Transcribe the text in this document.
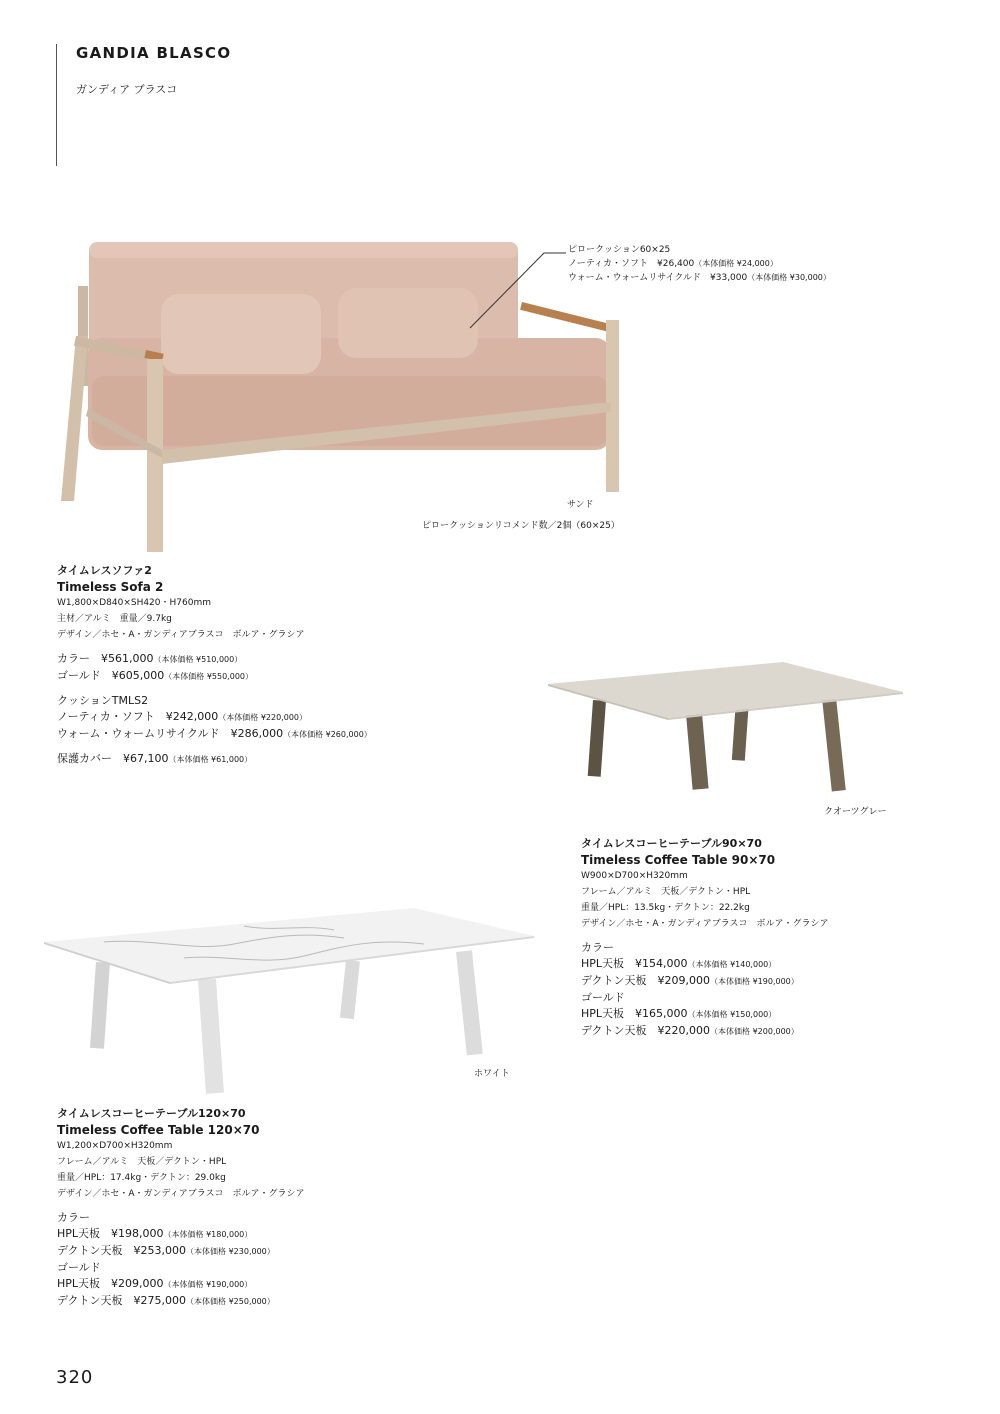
GANDIA BLASCO
ガンディア ブラスコ
ピロークッション60×25
ノーティカ・ソフト　¥26,400（本体価格 ¥24,000）
ウォーム・ウォームリサイクルド　¥33,000（本体価格 ¥30,000）
サンド
ピロークッションリコメンド数／2個（60×25）
タイムレスソファ2
Timeless Sofa 2
W1,800×D840×SH420・H760mm
主材／アルミ　重量／9.7kg
デザイン／ホセ・A・ガンディアブラスコ　ボルア・グラシア
カラー　¥561,000（本体価格 ¥510,000）
ゴールド　¥605,000（本体価格 ¥550,000）
クッションTMLS2
ノーティカ・ソフト　¥242,000（本体価格 ¥220,000）
ウォーム・ウォームリサイクルド　¥286,000（本体価格 ¥260,000）
保護カバー　¥67,100（本体価格 ¥61,000）
クオーツグレー
タイムレスコーヒーテーブル90×70
Timeless Coffee Table 90×70
W900×D700×H320mm
フレーム／アルミ　天板／デクトン・HPL
重量／HPL：13.5kg・デクトン：22.2kg
デザイン／ホセ・A・ガンディアブラスコ　ボルア・グラシア
カラー
HPL天板　¥154,000（本体価格 ¥140,000）
デクトン天板　¥209,000（本体価格 ¥190,000）
ゴールド
HPL天板　¥165,000（本体価格 ¥150,000）
デクトン天板　¥220,000（本体価格 ¥200,000）
ホワイト
タイムレスコーヒーテーブル120×70
Timeless Coffee Table 120×70
W1,200×D700×H320mm
フレーム／アルミ　天板／デクトン・HPL
重量／HPL：17.4kg・デクトン：29.0kg
デザイン／ホセ・A・ガンディアブラスコ　ボルア・グラシア
カラー
HPL天板　¥198,000（本体価格 ¥180,000）
デクトン天板　¥253,000（本体価格 ¥230,000）
ゴールド
HPL天板　¥209,000（本体価格 ¥190,000）
デクトン天板　¥275,000（本体価格 ¥250,000）
320
